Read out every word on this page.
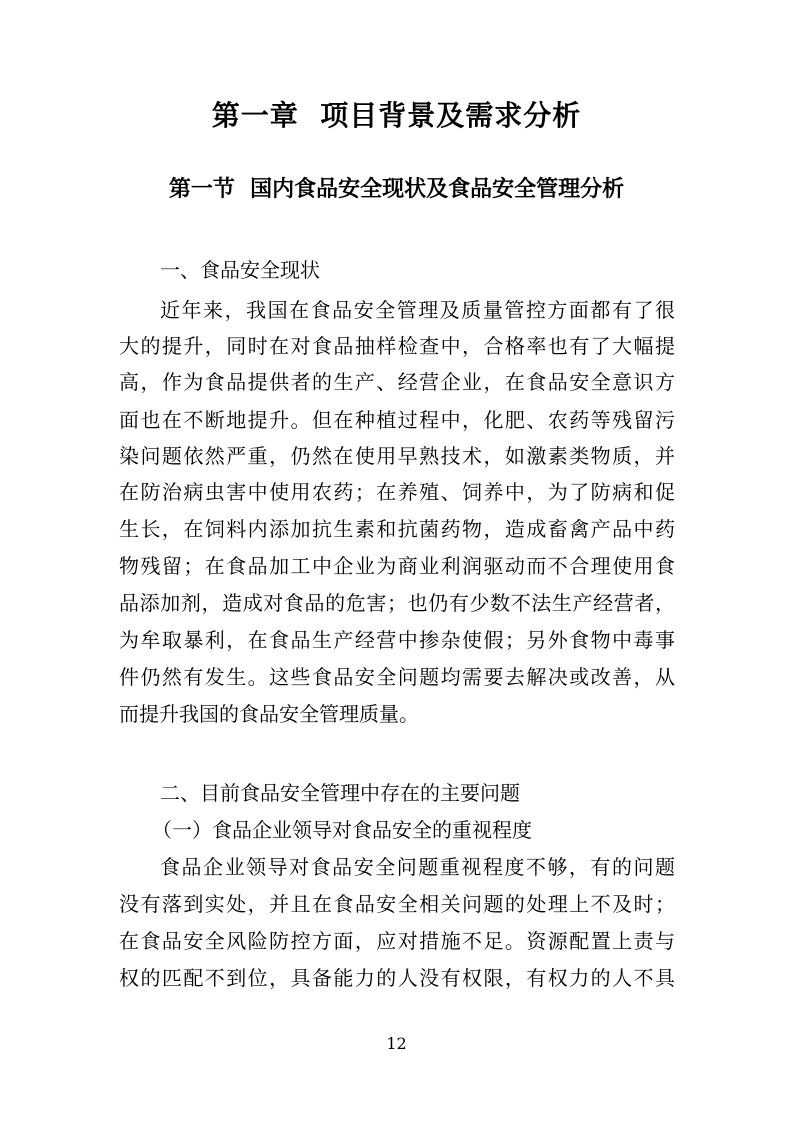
第一章  项目背景及需求分析
第一节  国内食品安全现状及食品安全管理分析
一、食品安全现状
近年来，我国在食品安全管理及质量管控方面都有了很
大的提升，同时在对食品抽样检查中，合格率也有了大幅提
高，作为食品提供者的生产、经营企业，在食品安全意识方
面也在不断地提升。但在种植过程中，化肥、农药等残留污
染问题依然严重，仍然在使用早熟技术，如激素类物质，并
在防治病虫害中使用农药；在养殖、饲养中，为了防病和促
生长，在饲料内添加抗生素和抗菌药物，造成畜禽产品中药
物残留；在食品加工中企业为商业利润驱动而不合理使用食
品添加剂，造成对食品的危害；也仍有少数不法生产经营者，
为牟取暴利，在食品生产经营中掺杂使假；另外食物中毒事
件仍然有发生。这些食品安全问题均需要去解决或改善，从
而提升我国的食品安全管理质量。
二、目前食品安全管理中存在的主要问题
（一）食品企业领导对食品安全的重视程度
食品企业领导对食品安全问题重视程度不够，有的问题
没有落到实处，并且在食品安全相关问题的处理上不及时；
在食品安全风险防控方面，应对措施不足。资源配置上责与
权的匹配不到位，具备能力的人没有权限，有权力的人不具
12
